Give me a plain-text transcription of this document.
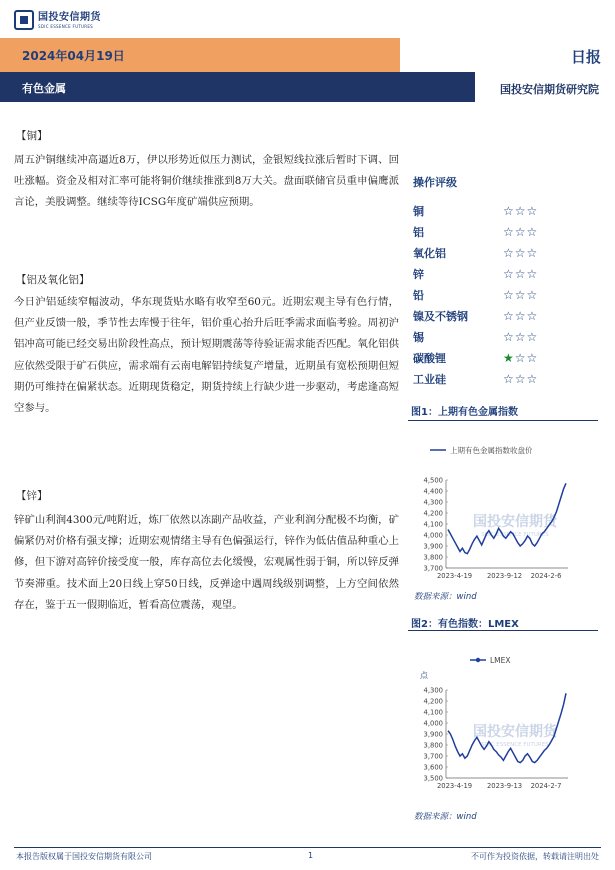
国投安信期货
SDIC ESSENCE FUTURES
2024年04月19日	日报
有色金属	国投安信期货研究院
【铜】
周五沪铜继续冲高逼近8万，伊以形势近似压力测试，金银短线拉涨后暂时下调、回吐涨幅。资金及相对汇率可能将铜价继续推涨到8万大关。盘面联储官员重申偏鹰派言论，美股调整。继续等待ICSG年度矿端供应预期。
【铝及氧化铝】
今日沪铝延续窄幅波动，华东现货贴水略有收窄至60元。近期宏观主导有色行情，但产业反馈一般，季节性去库慢于往年，铝价重心抬升后旺季需求面临考验。周初沪铝冲高可能已经交易出阶段性高点，预计短期震荡等待验证需求能否匹配。氧化铝供应依然受限于矿石供应，需求端有云南电解铝持续复产增量，近期虽有宽松预期但短期仍可维持在偏紧状态。近期现货稳定，期货持续上行缺少进一步驱动，考虑逢高短空参与。
【锌】
锌矿山利润4300元/吨附近，炼厂依然以冻副产品收益，产业利润分配极不均衡，矿偏紧仍对价格有强支撑；近期宏观情绪主导有色偏强运行，锌作为低估值品种重心上修，但下游对高锌价接受度一般，库存高位去化缓慢，宏观属性弱于铜，所以锌反弹节奏滞重。技术面上20日线上穿50日线，反弹途中遇周线级别调整，上方空间依然存在，鉴于五一假期临近，暂看高位震荡，观望。
操作评级
铜	☆☆☆
铝	☆☆☆
氧化铝	☆☆☆
锌	☆☆☆
铅	☆☆☆
镍及不锈钢	☆☆☆
锡	☆☆☆
碳酸锂	★☆☆
工业硅	☆☆☆
图1：上期有色金属指数
上期有色金属指数收盘价
国投安信期货
SDIC ESSENCE FUTURES
4,500
4,400
4,300
4,200
4,100
4,000
3,900
3,800
3,700
2023-4-19 2023-9-12 2024-2-6
数据来源：wind
图2：有色指数：LMEX
LMEX
点
国投安信期货
SDIC ESSENCE FUTURES
4,300
4,200
4,100
4,000
3,900
3,800
3,700
3,600
3,500
2023-4-19 2023-9-13 2024-2-7
数据来源：wind
本报告版权属于国投安信期货有限公司	1	不可作为投资依据，转载请注明出处
